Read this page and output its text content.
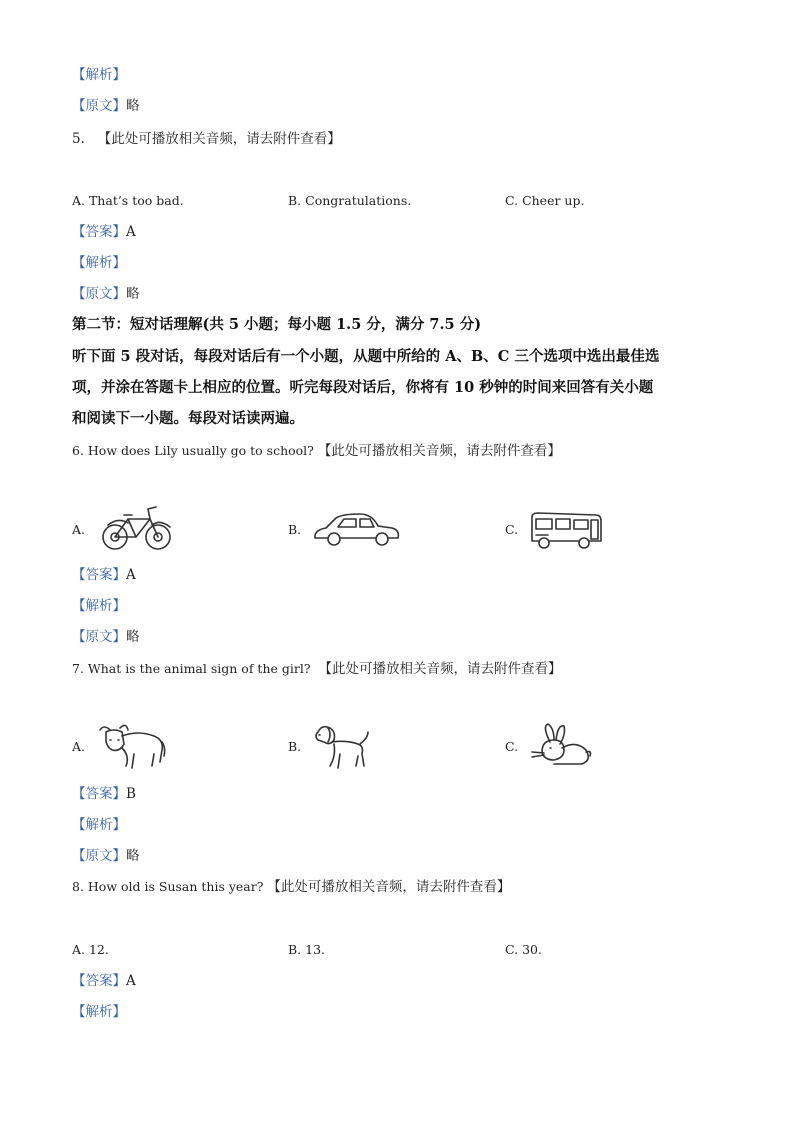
【解析】
【原文】略
5. 【此处可播放相关音频，请去附件查看】
A. That’s too bad.	B. Congratulations.	C. Cheer up.
【答案】A
【解析】
【原文】略
第二节：短对话理解(共 5 小题；每小题 1.5 分，满分 7.5 分)
听下面 5 段对话，每段对话后有一个小题，从题中所给的 A、B、C 三个选项中选出最佳选
项，并涂在答题卡上相应的位置。听完每段对话后，你将有 10 秒钟的时间来回答有关小题
和阅读下一小题。每段对话读两遍。
6. How does Lily usually go to school? 【此处可播放相关音频，请去附件查看】
A.	B.	C.
【答案】A
【解析】
【原文】略
7. What is the animal sign of the girl? 【此处可播放相关音频，请去附件查看】
A.	B.	C.
【答案】B
【解析】
【原文】略
8. How old is Susan this year? 【此处可播放相关音频，请去附件查看】
A. 12.	B. 13.	C. 30.
【答案】A
【解析】
